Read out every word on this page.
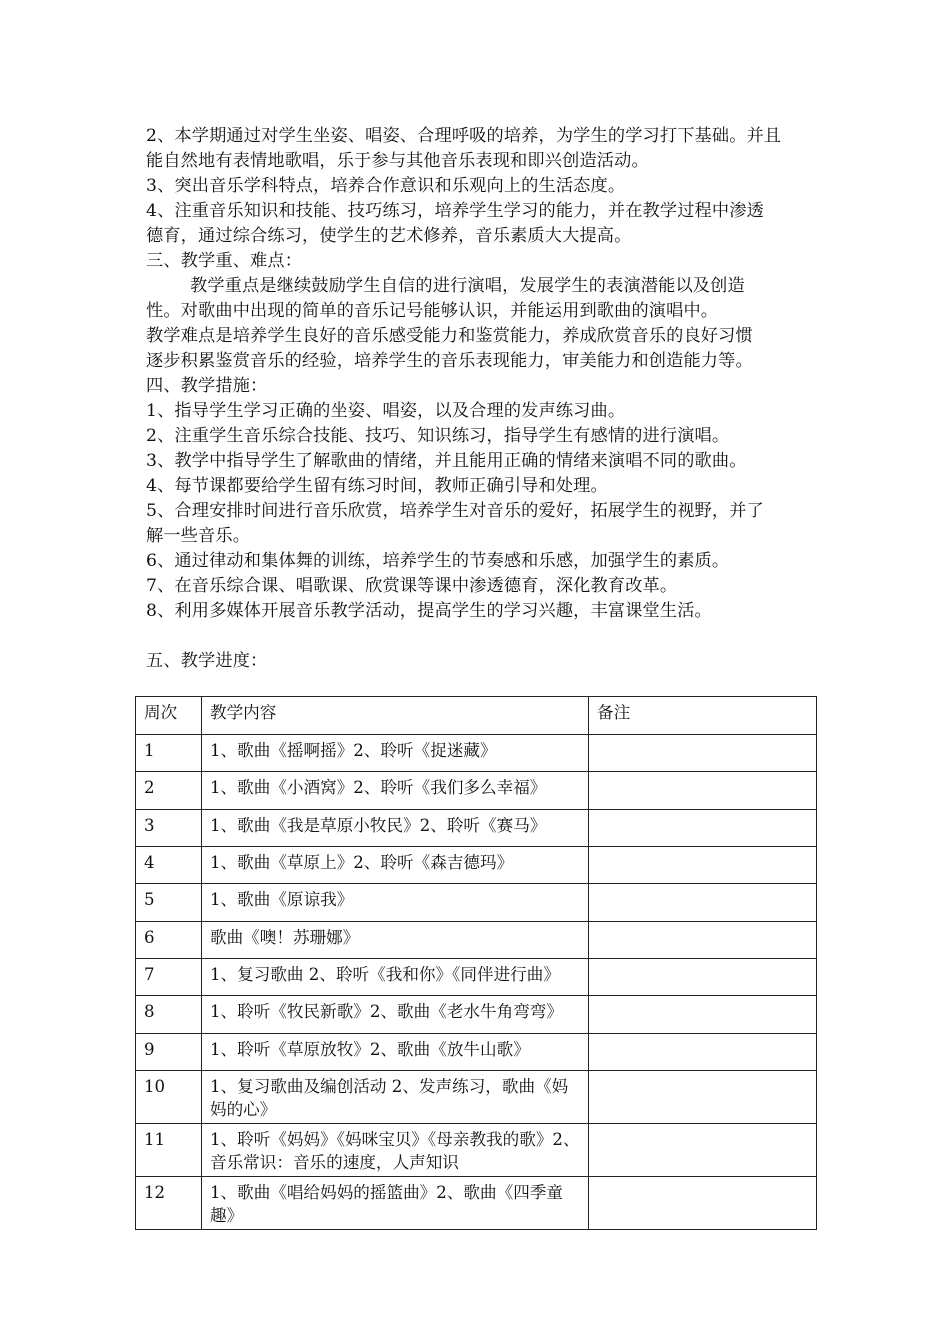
2、本学期通过对学生坐姿、唱姿、合理呼吸的培养，为学生的学习打下基础。并且
能自然地有表情地歌唱，乐于参与其他音乐表现和即兴创造活动。
3、突出音乐学科特点，培养合作意识和乐观向上的生活态度。
4、注重音乐知识和技能、技巧练习，培养学生学习的能力，并在教学过程中渗透
德育，通过综合练习，使学生的艺术修养，音乐素质大大提高。
三、教学重、难点：
教学重点是继续鼓励学生自信的进行演唱，发展学生的表演潜能以及创造
性。对歌曲中出现的简单的音乐记号能够认识，并能运用到歌曲的演唱中。
教学难点是培养学生良好的音乐感受能力和鉴赏能力，养成欣赏音乐的良好习惯
逐步积累鉴赏音乐的经验，培养学生的音乐表现能力，审美能力和创造能力等。
四、教学措施：
1、指导学生学习正确的坐姿、唱姿，以及合理的发声练习曲。
2、注重学生音乐综合技能、技巧、知识练习，指导学生有感情的进行演唱。
3、教学中指导学生了解歌曲的情绪，并且能用正确的情绪来演唱不同的歌曲。
4、每节课都要给学生留有练习时间，教师正确引导和处理。
5、合理安排时间进行音乐欣赏，培养学生对音乐的爱好，拓展学生的视野，并了
解一些音乐。
6、通过律动和集体舞的训练，培养学生的节奏感和乐感，加强学生的素质。
7、在音乐综合课、唱歌课、欣赏课等课中渗透德育，深化教育改革。
8、利用多媒体开展音乐教学活动，提高学生的学习兴趣，丰富课堂生活。
五、教学进度：
周次	教学内容	备注
1	1、歌曲《摇啊摇》2、聆听《捉迷藏》	
2	1、歌曲《小酒窝》2、聆听《我们多么幸福》	
3	1、歌曲《我是草原小牧民》2、聆听《赛马》	
4	1、歌曲《草原上》2、聆听《森吉德玛》	
5	1、歌曲《原谅我》	
6	歌曲《噢！苏珊娜》	
7	1、复习歌曲 2、聆听《我和你》《同伴进行曲》	
8	1、聆听《牧民新歌》2、歌曲《老水牛角弯弯》	
9	1、聆听《草原放牧》2、歌曲《放牛山歌》	
10	1、复习歌曲及编创活动 2、发声练习，歌曲《妈妈的心》	
11	1、聆听《妈妈》《妈咪宝贝》《母亲教我的歌》2、音乐常识：音乐的速度，人声知识	
12	1、歌曲《唱给妈妈的摇篮曲》2、歌曲《四季童趣》	
